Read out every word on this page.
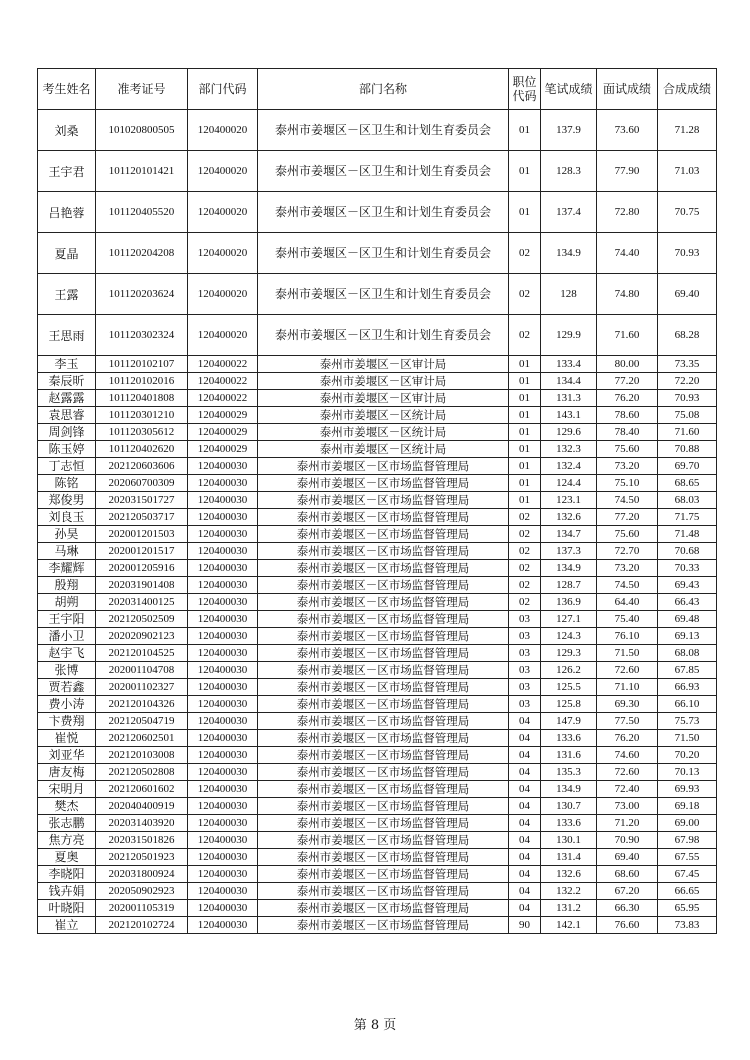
考生姓名	准考证号	部门代码	部门名称	职位代码	笔试成绩	面试成绩	合成成绩
刘桑	101020800505	120400020	泰州市姜堰区－区卫生和计划生育委员会	01	137.9	73.60	71.28
王宇君	101120101421	120400020	泰州市姜堰区－区卫生和计划生育委员会	01	128.3	77.90	71.03
吕艳蓉	101120405520	120400020	泰州市姜堰区－区卫生和计划生育委员会	01	137.4	72.80	70.75
夏晶	101120204208	120400020	泰州市姜堰区－区卫生和计划生育委员会	02	134.9	74.40	70.93
王露	101120203624	120400020	泰州市姜堰区－区卫生和计划生育委员会	02	128	74.80	69.40
王思雨	101120302324	120400020	泰州市姜堰区－区卫生和计划生育委员会	02	129.9	71.60	68.28
李玉	101120102107	120400022	泰州市姜堰区－区审计局	01	133.4	80.00	73.35
秦辰昕	101120102016	120400022	泰州市姜堰区－区审计局	01	134.4	77.20	72.20
赵露露	101120401808	120400022	泰州市姜堰区－区审计局	01	131.3	76.20	70.93
袁思睿	101120301210	120400029	泰州市姜堰区－区统计局	01	143.1	78.60	75.08
周剑锋	101120305612	120400029	泰州市姜堰区－区统计局	01	129.6	78.40	71.60
陈玉婷	101120402620	120400029	泰州市姜堰区－区统计局	01	132.3	75.60	70.88
丁志恒	202120603606	120400030	泰州市姜堰区－区市场监督管理局	01	132.4	73.20	69.70
陈铭	202060700309	120400030	泰州市姜堰区－区市场监督管理局	01	124.4	75.10	68.65
郑俊男	202031501727	120400030	泰州市姜堰区－区市场监督管理局	01	123.1	74.50	68.03
刘良玉	202120503717	120400030	泰州市姜堰区－区市场监督管理局	02	132.6	77.20	71.75
孙昊	202001201503	120400030	泰州市姜堰区－区市场监督管理局	02	134.7	75.60	71.48
马琳	202001201517	120400030	泰州市姜堰区－区市场监督管理局	02	137.3	72.70	70.68
李耀辉	202001205916	120400030	泰州市姜堰区－区市场监督管理局	02	134.9	73.20	70.33
殷翔	202031901408	120400030	泰州市姜堰区－区市场监督管理局	02	128.7	74.50	69.43
胡朔	202031400125	120400030	泰州市姜堰区－区市场监督管理局	02	136.9	64.40	66.43
王宇阳	202120502509	120400030	泰州市姜堰区－区市场监督管理局	03	127.1	75.40	69.48
潘小卫	202020902123	120400030	泰州市姜堰区－区市场监督管理局	03	124.3	76.10	69.13
赵宇飞	202120104525	120400030	泰州市姜堰区－区市场监督管理局	03	129.3	71.50	68.08
张博	202001104708	120400030	泰州市姜堰区－区市场监督管理局	03	126.2	72.60	67.85
贾若鑫	202001102327	120400030	泰州市姜堰区－区市场监督管理局	03	125.5	71.10	66.93
费小涛	202120104326	120400030	泰州市姜堰区－区市场监督管理局	03	125.8	69.30	66.10
卞费翔	202120504719	120400030	泰州市姜堰区－区市场监督管理局	04	147.9	77.50	75.73
崔悦	202120602501	120400030	泰州市姜堰区－区市场监督管理局	04	133.6	76.20	71.50
刘亚华	202120103008	120400030	泰州市姜堰区－区市场监督管理局	04	131.6	74.60	70.20
唐友梅	202120502808	120400030	泰州市姜堰区－区市场监督管理局	04	135.3	72.60	70.13
宋明月	202120601602	120400030	泰州市姜堰区－区市场监督管理局	04	134.9	72.40	69.93
樊杰	202040400919	120400030	泰州市姜堰区－区市场监督管理局	04	130.7	73.00	69.18
张志鹏	202031403920	120400030	泰州市姜堰区－区市场监督管理局	04	133.6	71.20	69.00
焦方亮	202031501826	120400030	泰州市姜堰区－区市场监督管理局	04	130.1	70.90	67.98
夏奥	202120501923	120400030	泰州市姜堰区－区市场监督管理局	04	131.4	69.40	67.55
李晓阳	202031800924	120400030	泰州市姜堰区－区市场监督管理局	04	132.6	68.60	67.45
钱卉娟	202050902923	120400030	泰州市姜堰区－区市场监督管理局	04	132.2	67.20	66.65
叶晓阳	202001105319	120400030	泰州市姜堰区－区市场监督管理局	04	131.2	66.30	65.95
崔立	202120102724	120400030	泰州市姜堰区－区市场监督管理局	90	142.1	76.60	73.83
第 8 页
